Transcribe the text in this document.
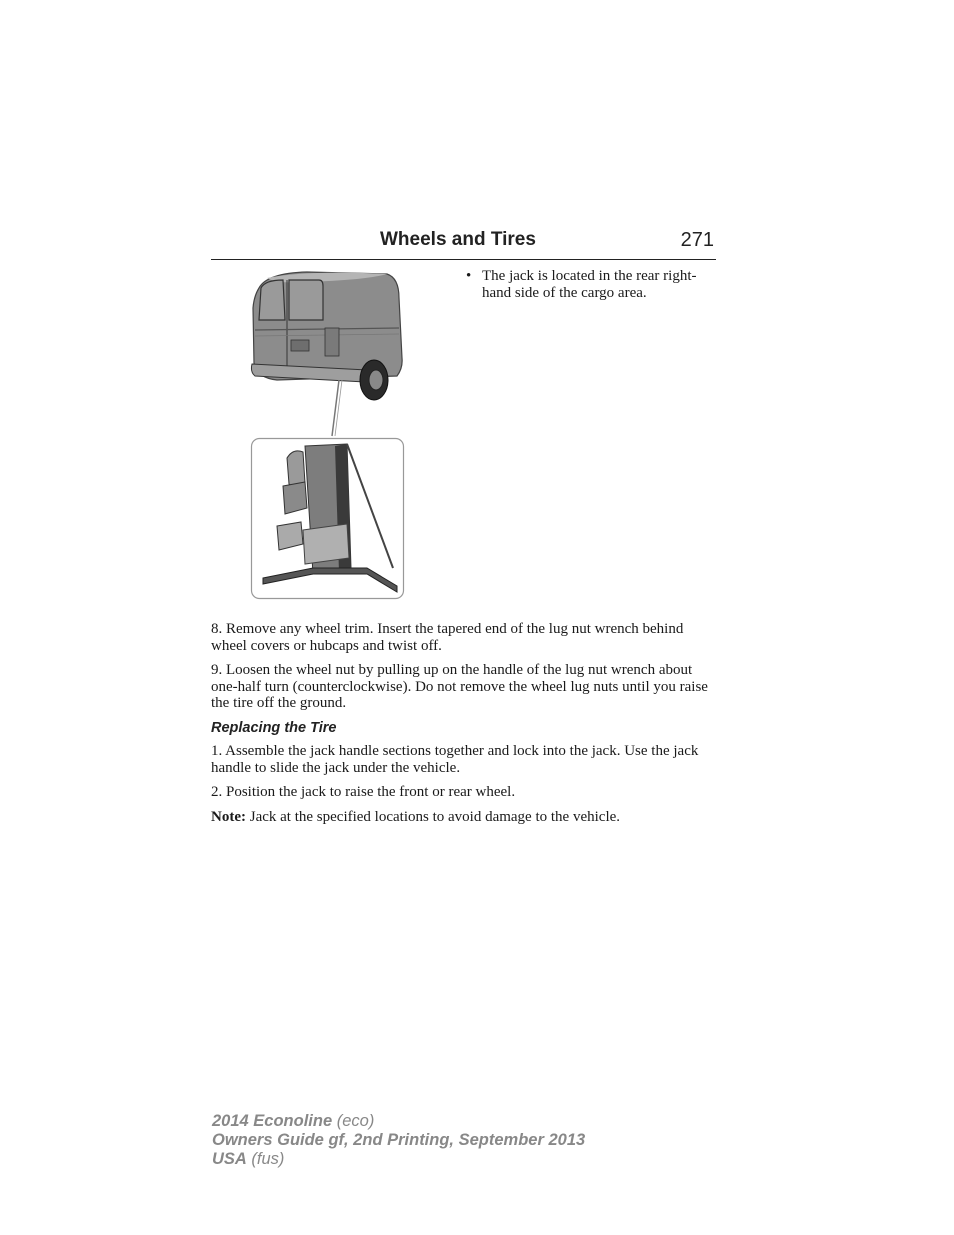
Wheels and Tires	271
• The jack is located in the rear right-hand side of the cargo area.

8. Remove any wheel trim. Insert the tapered end of the lug nut wrench behind wheel covers or hubcaps and twist off.

9. Loosen the wheel nut by pulling up on the handle of the lug nut wrench about one-half turn (counterclockwise). Do not remove the wheel lug nuts until you raise the tire off the ground.

Replacing the Tire

1. Assemble the jack handle sections together and lock into the jack. Use the jack handle to slide the jack under the vehicle.

2. Position the jack to raise the front or rear wheel.

Note: Jack at the specified locations to avoid damage to the vehicle.

2014 Econoline (eco)
Owners Guide gf, 2nd Printing, September 2013
USA (fus)
